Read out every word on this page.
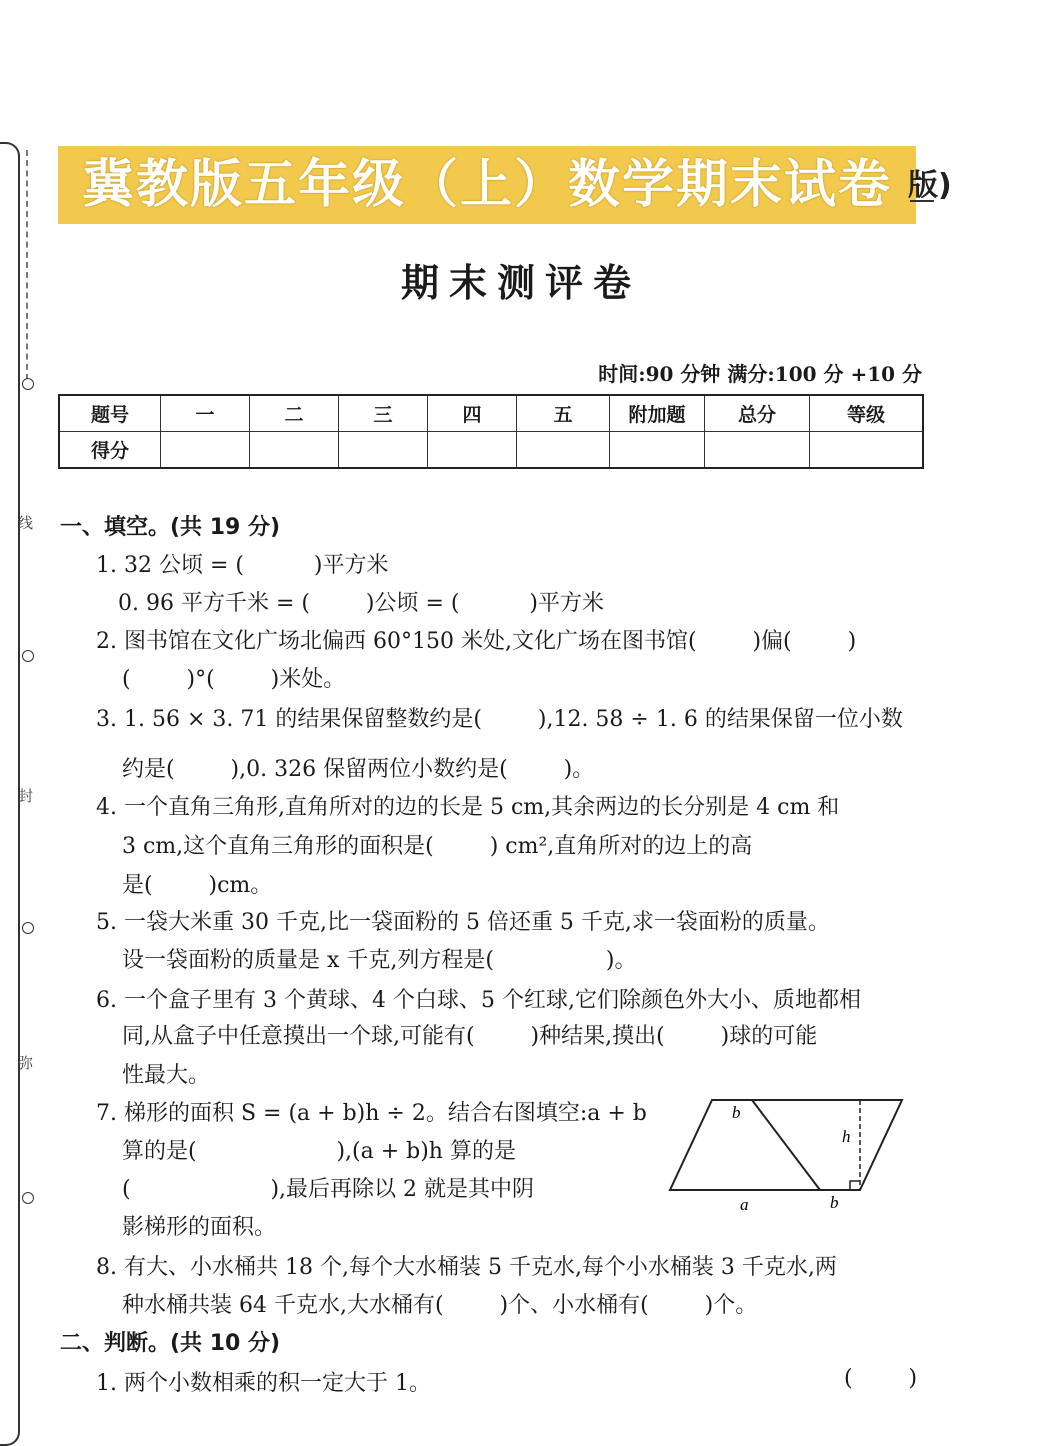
线
封
弥
冀教版五年级（上）数学期末试卷 版)
期末测评卷
时间:90 分钟 满分:100 分 +10 分
题号	一	二	三	四	五	附加题	总分	等级
得分								
一、填空。(共 19 分)
1. 32 公顷 = (          )平方米
0. 96 平方千米 = (        )公顷 = (          )平方米
2. 图书馆在文化广场北偏西 60°150 米处,文化广场在图书馆(        )偏(        )
(        )°(        )米处。
3. 1. 56 × 3. 71 的结果保留整数约是(        ),12. 58 ÷ 1. 6 的结果保留一位小数
约是(        ),0. 326 保留两位小数约是(        )。
4. 一个直角三角形,直角所对的边的长是 5 cm,其余两边的长分别是 4 cm 和
3 cm,这个直角三角形的面积是(        ) cm²,直角所对的边上的高
是(        )cm。
5. 一袋大米重 30 千克,比一袋面粉的 5 倍还重 5 千克,求一袋面粉的质量。
设一袋面粉的质量是 x 千克,列方程是(                )。
6. 一个盒子里有 3 个黄球、4 个白球、5 个红球,它们除颜色外大小、质地都相
同,从盒子中任意摸出一个球,可能有(        )种结果,摸出(        )球的可能
性最大。
7. 梯形的面积 S = (a + b)h ÷ 2。结合右图填空:a + b
算的是(                    ),(a + b)h 算的是
(                    ),最后再除以 2 就是其中阴
影梯形的面积。
8. 有大、小水桶共 18 个,每个大水桶装 5 千克水,每个小水桶装 3 千克水,两
种水桶共装 64 千克水,大水桶有(        )个、小水桶有(        )个。
b
h
a	b
二、判断。(共 10 分)
1. 两个小数相乘的积一定大于 1。	(        )
